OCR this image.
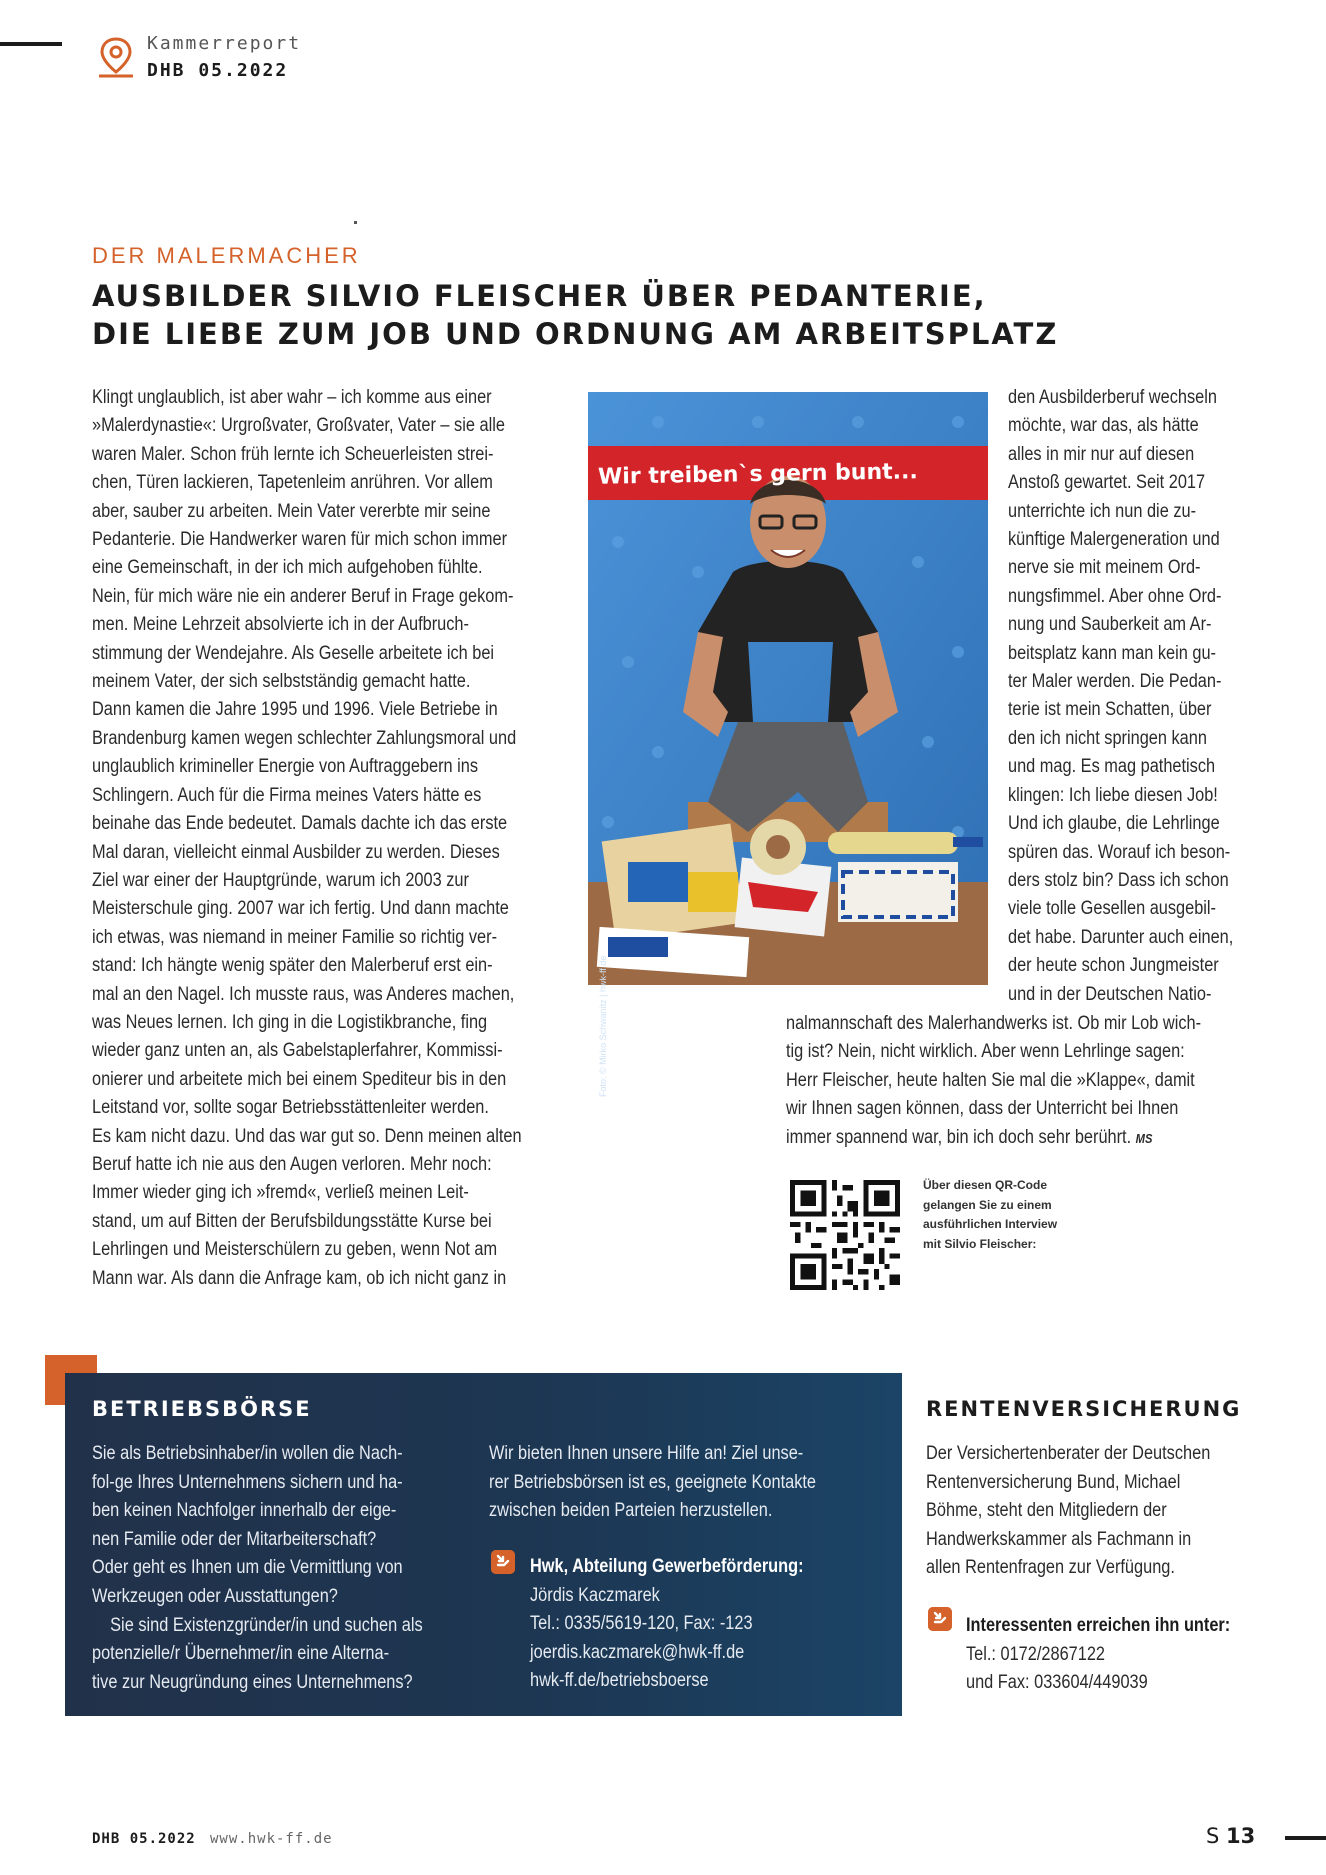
Kammerreport
DHB 05.2022
DER MALERMACHER
AUSBILDER SILVIO FLEISCHER ÜBER PEDANTERIE,
DIE LIEBE ZUM JOB UND ORDNUNG AM ARBEITSPLATZ
Klingt unglaublich, ist aber wahr – ich komme aus einer
»Malerdynastie«: Urgroßvater, Großvater, Vater – sie alle
waren Maler. Schon früh lernte ich Scheuerleisten strei-
chen, Türen lackieren, Tapetenleim anrühren. Vor allem
aber, sauber zu arbeiten. Mein Vater vererbte mir seine
Pedanterie. Die Handwerker waren für mich schon immer
eine Gemeinschaft, in der ich mich aufgehoben fühlte.
Nein, für mich wäre nie ein anderer Beruf in Frage gekom-
men. Meine Lehrzeit absolvierte ich in der Aufbruch-
stimmung der Wendejahre. Als Geselle arbeitete ich bei
meinem Vater, der sich selbstständig gemacht hatte.
Dann kamen die Jahre 1995 und 1996. Viele Betriebe in
Brandenburg kamen wegen schlechter Zahlungsmoral und
unglaublich krimineller Energie von Auftraggebern ins
Schlingern. Auch für die Firma meines Vaters hätte es
beinahe das Ende bedeutet. Damals dachte ich das erste
Mal daran, vielleicht einmal Ausbilder zu werden. Dieses
Ziel war einer der Hauptgründe, warum ich 2003 zur
Meisterschule ging. 2007 war ich fertig. Und dann machte
ich etwas, was niemand in meiner Familie so richtig ver-
stand: Ich hängte wenig später den Malerberuf erst ein-
mal an den Nagel. Ich musste raus, was Anderes machen,
was Neues lernen. Ich ging in die Logistikbranche, fing
wieder ganz unten an, als Gabelstaplerfahrer, Kommissi-
onierer und arbeitete mich bei einem Spediteur bis in den
Leitstand vor, sollte sogar Betriebsstättenleiter werden.
Es kam nicht dazu. Und das war gut so. Denn meinen alten
Beruf hatte ich nie aus den Augen verloren. Mehr noch:
Immer wieder ging ich »fremd«, verließ meinen Leit-
stand, um auf Bitten der Berufsbildungsstätte Kurse bei
Lehrlingen und Meisterschülern zu geben, wenn Not am
Mann war. Als dann die Anfrage kam, ob ich nicht ganz in
Wir treiben`s gern bunt...
Foto: © Mirko Schwanitz | hwk-ff.de
den Ausbilderberuf wechseln
möchte, war das, als hätte
alles in mir nur auf diesen
Anstoß gewartet. Seit 2017
unterrichte ich nun die zu-
künftige Malergeneration und
nerve sie mit meinem Ord-
nungsfimmel. Aber ohne Ord-
nung und Sauberkeit am Ar-
beitsplatz kann man kein gu-
ter Maler werden. Die Pedan-
terie ist mein Schatten, über
den ich nicht springen kann
und mag. Es mag pathetisch
klingen: Ich liebe diesen Job!
Und ich glaube, die Lehrlinge
spüren das. Worauf ich beson-
ders stolz bin? Dass ich schon
viele tolle Gesellen ausgebil-
det habe. Darunter auch einen,
der heute schon Jungmeister
und in der Deutschen Natio-
nalmannschaft des Malerhandwerks ist. Ob mir Lob wich-
tig ist? Nein, nicht wirklich. Aber wenn Lehrlinge sagen:
Herr Fleischer, heute halten Sie mal die »Klappe«, damit
wir Ihnen sagen können, dass der Unterricht bei Ihnen
immer spannend war, bin ich doch sehr berührt. MS
Über diesen QR-Code
gelangen Sie zu einem
ausführlichen Interview
mit Silvio Fleischer:
BETRIEBSBÖRSE
Sie als Betriebsinhaber/in wollen die Nach-
fol-ge Ihres Unternehmens sichern und ha-
ben keinen Nachfolger innerhalb der eige-
nen Familie oder der Mitarbeiterschaft?
Oder geht es Ihnen um die Vermittlung von
Werkzeugen oder Ausstattungen?
Sie sind Existenzgründer/in und suchen als
potenzielle/r Übernehmer/in eine Alterna-
tive zur Neugründung eines Unternehmens?
Wir bieten Ihnen unsere Hilfe an! Ziel unse-
rer Betriebsbörsen ist es, geeignete Kontakte
zwischen beiden Parteien herzustellen.
Hwk, Abteilung Gewerbeförderung:
Jördis Kaczmarek
Tel.: 0335/5619-120, Fax: -123
joerdis.kaczmarek@hwk-ff.de
hwk-ff.de/betriebsboerse
RENTENVERSICHERUNG
Der Versichertenberater der Deutschen
Rentenversicherung Bund, Michael
Böhme, steht den Mitgliedern der
Handwerkskammer als Fachmann in
allen Rentenfragen zur Verfügung.
Interessenten erreichen ihn unter:
Tel.: 0172/2867122
und Fax: 033604/449039
DHB 05.2022 www.hwk-ff.de	S 13
